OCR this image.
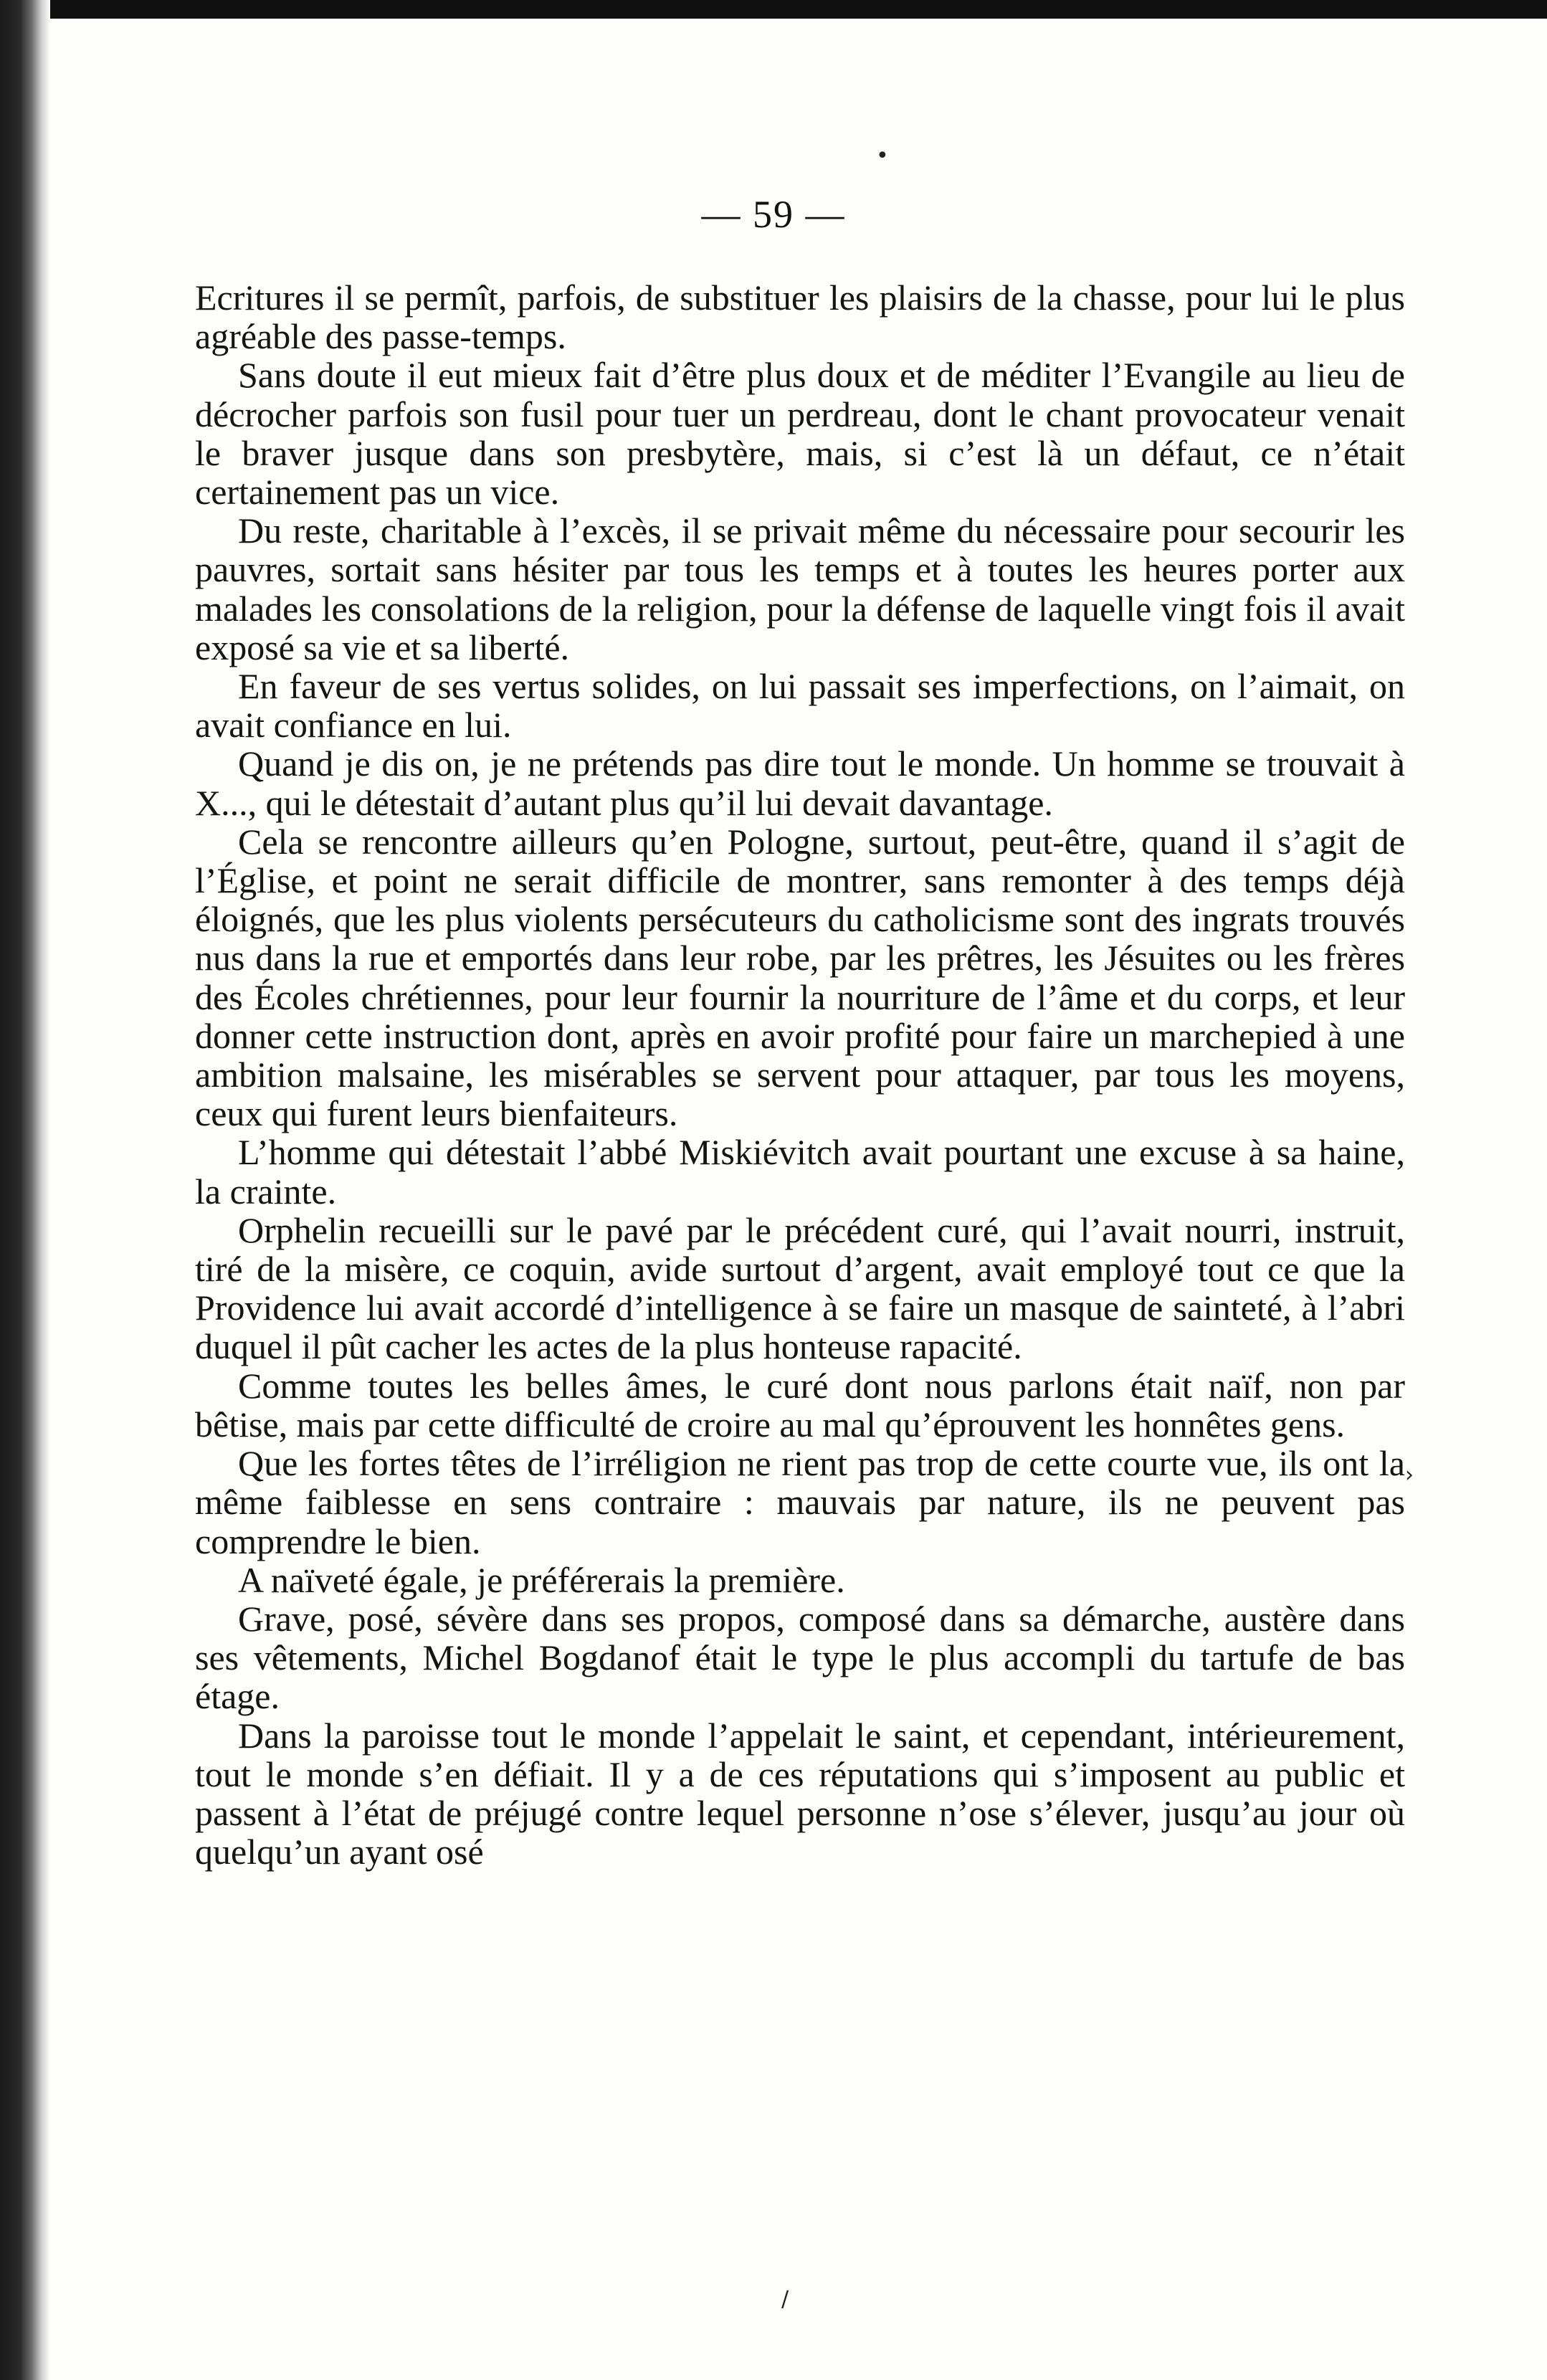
•
›
/
— 59 —

Ecritures il se permît, parfois, de substituer les plaisirs de la chasse, pour lui le plus agréable des passe-temps.

Sans doute il eut mieux fait d’être plus doux et de méditer l’Evangile au lieu de décrocher parfois son fusil pour tuer un perdreau, dont le chant provocateur venait le braver jusque dans son presbytère, mais, si c’est là un défaut, ce n’était certainement pas un vice.

Du reste, charitable à l’excès, il se privait même du nécessaire pour secourir les pauvres, sortait sans hésiter par tous les temps et à toutes les heures porter aux malades les consolations de la religion, pour la défense de laquelle vingt fois il avait exposé sa vie et sa liberté.

En faveur de ses vertus solides, on lui passait ses imperfections, on l’aimait, on avait confiance en lui.

Quand je dis on, je ne prétends pas dire tout le monde. Un homme se trouvait à X..., qui le détestait d’autant plus qu’il lui devait davantage.

Cela se rencontre ailleurs qu’en Pologne, surtout, peut-être, quand il s’agit de l’Église, et point ne serait difficile de montrer, sans remonter à des temps déjà éloignés, que les plus violents persécuteurs du catholicisme sont des ingrats trouvés nus dans la rue et emportés dans leur robe, par les prêtres, les Jésuites ou les frères des Écoles chrétiennes, pour leur fournir la nourriture de l’âme et du corps, et leur donner cette instruction dont, après en avoir profité pour faire un marchepied à une ambition malsaine, les misérables se servent pour attaquer, par tous les moyens, ceux qui furent leurs bienfaiteurs.

L’homme qui détestait l’abbé Miskiévitch avait pourtant une excuse à sa haine, la crainte.

Orphelin recueilli sur le pavé par le précédent curé, qui l’avait nourri, instruit, tiré de la misère, ce coquin, avide surtout d’argent, avait employé tout ce que la Providence lui avait accordé d’intelligence à se faire un masque de sainteté, à l’abri duquel il pût cacher les actes de la plus honteuse rapacité.

Comme toutes les belles âmes, le curé dont nous parlons était naïf, non par bêtise, mais par cette difficulté de croire au mal qu’éprouvent les honnêtes gens.

Que les fortes têtes de l’irréligion ne rient pas trop de cette courte vue, ils ont la même faiblesse en sens contraire : mauvais par nature, ils ne peuvent pas comprendre le bien.

A naïveté égale, je préférerais la première.

Grave, posé, sévère dans ses propos, composé dans sa démarche, austère dans ses vêtements, Michel Bogdanof était le type le plus accompli du tartufe de bas étage.

Dans la paroisse tout le monde l’appelait le saint, et cependant, intérieurement, tout le monde s’en défiait. Il y a de ces réputations qui s’imposent au public et passent à l’état de préjugé contre lequel personne n’ose s’élever, jusqu’au jour où quelqu’un ayant osé
